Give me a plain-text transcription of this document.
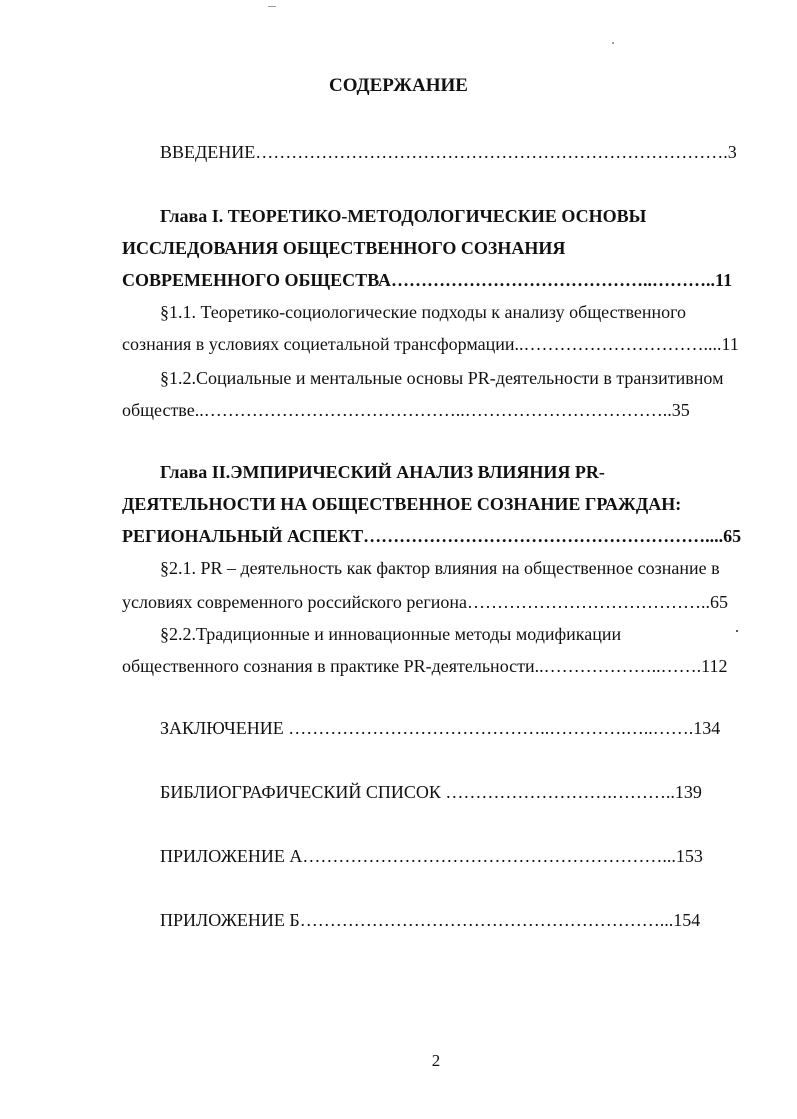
СОДЕРЖАНИЕ
ВВЕДЕНИЕ…………………………………………………………………….3
Глава I. ТЕОРЕТИКО-МЕТОДОЛОГИЧЕСКИЕ ОСНОВЫ
ИССЛЕДОВАНИЯ ОБЩЕСТВЕННОГО СОЗНАНИЯ
СОВРЕМЕННОГО ОБЩЕСТВА……………………………………..………..11
§1.1. Теоретико-социологические подходы к анализу общественного
сознания в условиях социетальной трансформации..…………………………....11
§1.2.Социальные и ментальные основы PR-деятельности в транзитивном
обществе..……………………………………..……………………………..35
Глава II.ЭМПИРИЧЕСКИЙ АНАЛИЗ ВЛИЯНИЯ PR-
ДЕЯТЕЛЬНОСТИ НА ОБЩЕСТВЕННОЕ СОЗНАНИЕ ГРАЖДАН:
РЕГИОНАЛЬНЫЙ АСПЕКТ…………………………………………………....65
§2.1. PR – деятельность как фактор влияния на общественное сознание в
условиях современного российского региона…………………………………..65
§2.2.Традиционные и инновационные методы модификации
общественного сознания в практике PR-деятельности..………………..…….112
ЗАКЛЮЧЕНИЕ ……………………………………..………….…..…….134
БИБЛИОГРАФИЧЕСКИЙ СПИСОК ……………………….………..139
ПРИЛОЖЕНИЕ А……………………………………………………...153
ПРИЛОЖЕНИЕ Б……………………………………………………...154
2
